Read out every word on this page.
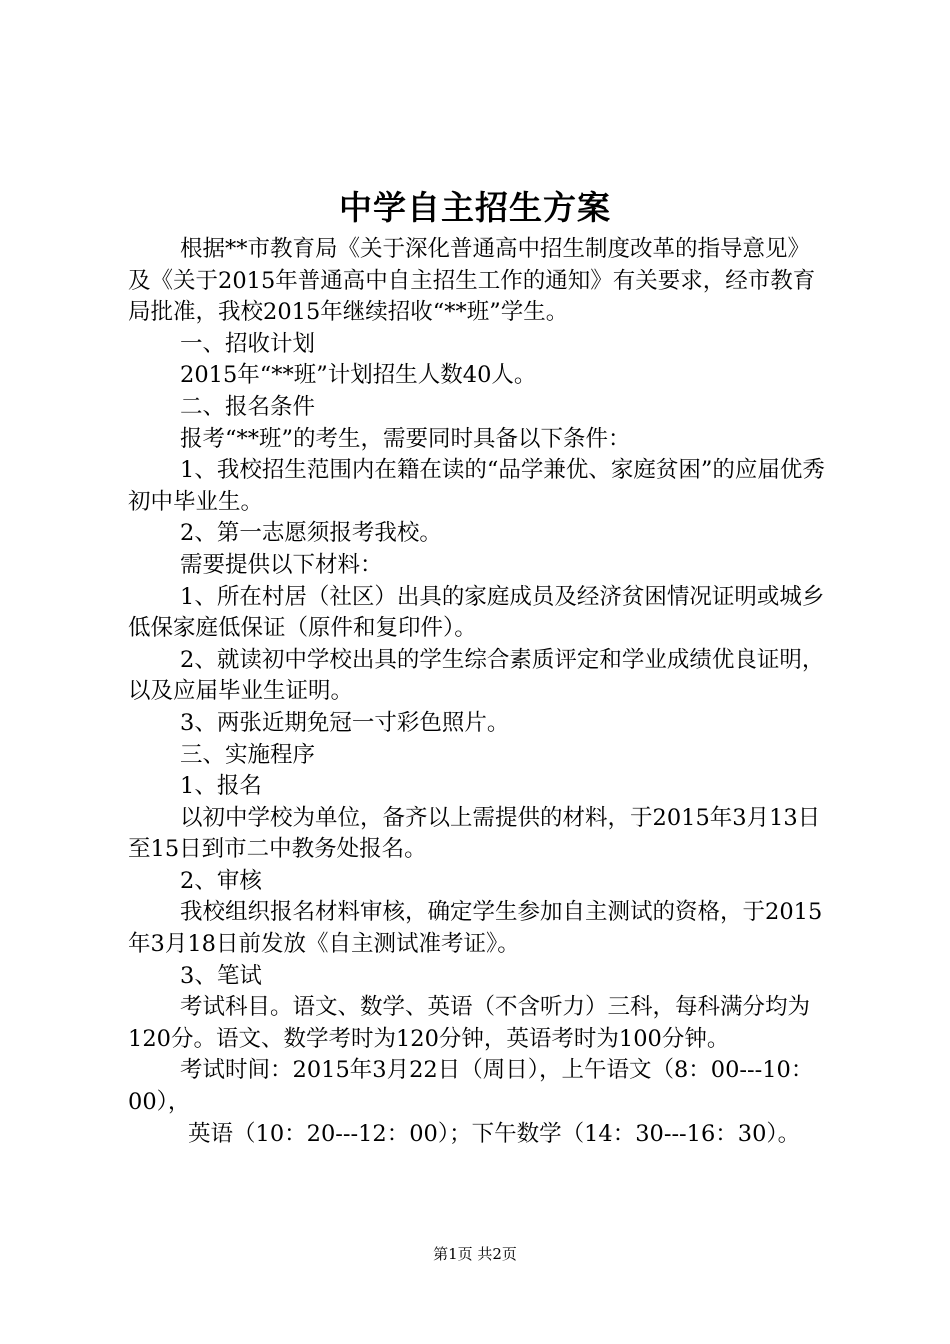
中学自主招生方案

根据**市教育局《关于深化普通高中招生制度改革的指导意见》及《关于2015年普通高中自主招生工作的通知》有关要求，经市教育局批准，我校2015年继续招收“**班”学生。

一、招收计划

2015年“**班”计划招生人数40人。

二、报名条件

报考“**班”的考生，需要同时具备以下条件：

1、我校招生范围内在籍在读的“品学兼优、家庭贫困”的应届优秀初中毕业生。

2、第一志愿须报考我校。

需要提供以下材料：

1、所在村居（社区）出具的家庭成员及经济贫困情况证明或城乡低保家庭低保证（原件和复印件）。

2、就读初中学校出具的学生综合素质评定和学业成绩优良证明，以及应届毕业生证明。

3、两张近期免冠一寸彩色照片。

三、实施程序

1、报名

以初中学校为单位，备齐以上需提供的材料，于2015年3月13日至15日到市二中教务处报名。

2、审核

我校组织报名材料审核，确定学生参加自主测试的资格，于2015年3月18日前发放《自主测试准考证》。

3、笔试

考试科目。语文、数学、英语（不含听力）三科，每科满分均为120分。语文、数学考时为120分钟，英语考时为100分钟。

考试时间：2015年3月22日（周日），上午语文（8：00---10：00），

英语（10：20---12：00）；下午数学（14：30---16：30）。

第1页 共2页
